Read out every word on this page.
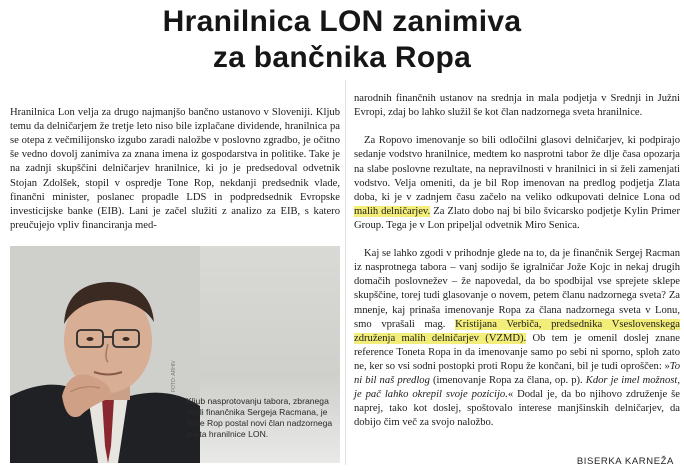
Hranilnica LON zanimiva
za bančnika Ropa

Hranilnica Lon velja za drugo najmanjšo bančno ustanovo v Sloveniji. Kljub temu da delničarjem že tretje leto niso bile izplačane dividende, hranilnica pa se otepa z večmilijonsko izgubo zaradi naložbe v poslovno zgradbo, je očitno še vedno dovolj zanimiva za znana imena iz gospodarstva in politike. Take je na zadnji skupščini delničarjev hranilnice, ki jo je predsedoval odvetnik Stojan Zdolšek, stopil v ospredje Tone Rop, nekdanji predsednik vlade, finančni minister, poslanec propadle LDS in podpredsednik Evropske investicijske banke (EIB). Lani je začel služiti z analizo za EIB, s katero preučujejo vpliv financiranja med-

narodnih finančnih ustanov na srednja in mala podjetja v Srednji in Južni Evropi, zdaj bo lahko služil še kot član nadzornega sveta hranilnice.

Za Ropovo imenovanje so bili odločilni glasovi delničarjev, ki podpirajo sedanje vodstvo hranilnice, medtem ko nasprotni tabor že dlje časa opozarja na slabe poslovne rezultate, na nepravilnosti v hranilnici in si želi zamenjati vodstvo. Velja omeniti, da je bil Rop imenovan na predlog podjetja Zlata doba, ki je v zadnjem času začelo na veliko odkupovati delnice Lona od malih delničarjev. Za Zlato dobo naj bi bilo švicarsko podjetje Kylin Primer Group. Tega je v Lon pripeljal odvetnik Miro Senica.

Kaj se lahko zgodi v prihodnje glede na to, da je finančnik Sergej Racman iz nasprotnega tabora – vanj sodijo še igralničar Jože Kojc in nekaj drugih domačih poslovnežev – že napovedal, da bo spodbijal vse sprejete sklepe skupščine, torej tudi glasovanje o novem, petem članu nadzornega sveta? Za mnenje, kaj prinaša imenovanje Ropa za člana nadzornega sveta v Lonu, smo vprašali mag. Kristijana Verbiča, predsednika Vseslovenskega združenja malih delničarjev (VZMD). Ob tem je omenil doslej znane reference Toneta Ropa in da imenovanje samo po sebi ni sporno, sploh zato ne, ker so vsi sodni postopki proti Ropu že končani, bil je tudi oproščen: »To ni bil naš predlog (imenovanje Ropa za člana, op. p). Kdor je imel možnost, je pač lahko okrepil svoje pozicijo.« Dodal je, da bo njihovo združenje še naprej, tako kot doslej, spoštovalo interese manjšinskih delničarjev, da dobijo čim več za svojo naložbo.

FOTO: ARHIV

Kljub nasprotovanju tabora, zbranega okoli finančnika Sergeja Racmana, je Tone Rop postal novi član nadzornega sveta hranilnice LON.

BISERKA KARNEŽA
